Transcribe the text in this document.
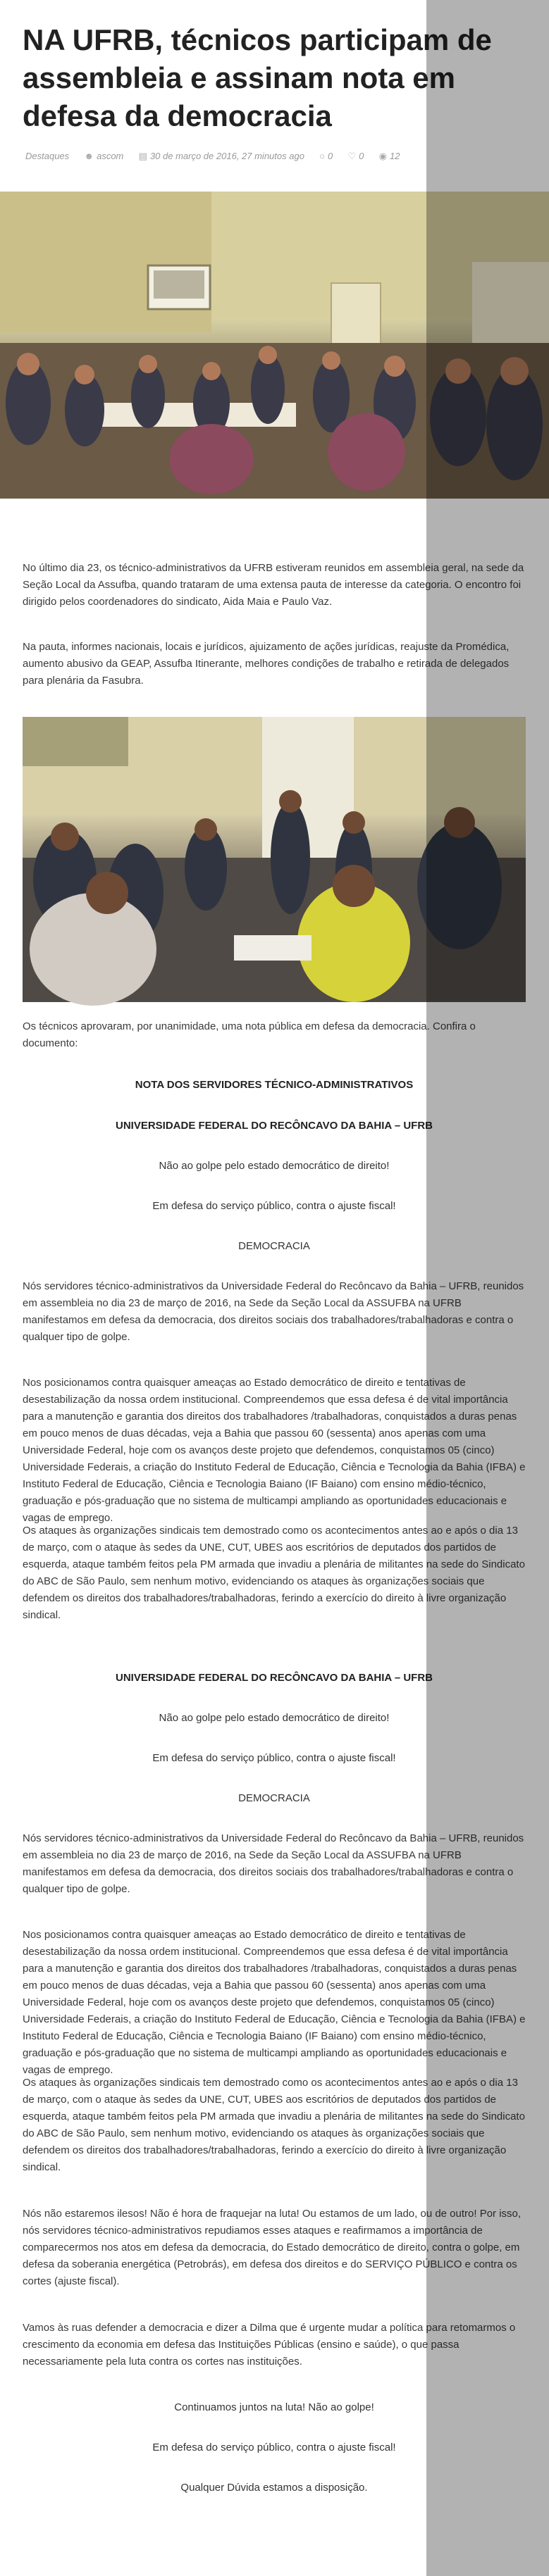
NA UFRB, técnicos participam de assembleia e assinam nota em defesa da democracia
Destaques ☻ ascom ▤ 30 de março de 2016, 27 minutos ago ○ 0 ♡ 0 ◉ 12

No último dia 23, os técnico-administrativos da UFRB estiveram reunidos em assembleia geral, na sede da Seção Local da Assufba, quando trataram de uma extensa pauta de interesse da categoria. O encontro foi dirigido pelos coordenadores do sindicato, Aida Maia e Paulo Vaz.

Na pauta, informes nacionais, locais e jurídicos, ajuizamento de ações jurídicas, reajuste da Promédica, aumento abusivo da GEAP, Assufba Itinerante, melhores condições de trabalho e retirada de delegados para plenária da Fasubra.

Os técnicos aprovaram, por unanimidade, uma nota pública em defesa da democracia. Confira o documento:

NOTA DOS SERVIDORES TÉCNICO-ADMINISTRATIVOS
UNIVERSIDADE FEDERAL DO RECÔNCAVO DA BAHIA – UFRB
Não ao golpe pelo estado democrático de direito!
Em defesa do serviço público, contra o ajuste fiscal!
DEMOCRACIA

Nós servidores técnico-administrativos da Universidade Federal do Recôncavo da Bahia – UFRB, reunidos em assembleia no dia 23 de março de 2016, na Sede da Seção Local da ASSUFBA na UFRB manifestamos em defesa da democracia, dos direitos sociais dos trabalhadores/trabalhadoras e contra o qualquer tipo de golpe.

Nos posicionamos contra quaisquer ameaças ao Estado democrático de direito e tentativas de desestabilização da nossa ordem institucional. Compreendemos que essa defesa é de vital importância para a manutenção e garantia dos direitos dos trabalhadores /trabalhadoras, conquistados a duras penas em pouco menos de duas décadas, veja a Bahia que passou 60 (sessenta) anos apenas com uma Universidade Federal, hoje com os avanços deste projeto que defendemos, conquistamos 05 (cinco) Universidade Federais, a criação do Instituto Federal de Educação, Ciência e Tecnologia da Bahia (IFBA) e Instituto Federal de Educação, Ciência e Tecnologia Baiano (IF Baiano) com ensino médio-técnico, graduação e pós-graduação que no sistema de multicampi ampliando as oportunidades educacionais e vagas de emprego.

Os ataques às organizações sindicais tem demostrado como os acontecimentos antes ao e após o dia 13 de março, com o ataque às sedes da UNE, CUT, UBES aos escritórios de deputados dos partidos de esquerda, ataque também feitos pela PM armada que invadiu a plenária de militantes na sede do Sindicato do ABC de São Paulo, sem nenhum motivo, evidenciando os ataques às organizações sociais que defendem os direitos dos trabalhadores/trabalhadoras, ferindo a exercício do direito à livre organização sindical.

UNIVERSIDADE FEDERAL DO RECÔNCAVO DA BAHIA – UFRB
Não ao golpe pelo estado democrático de direito!
Em defesa do serviço público, contra o ajuste fiscal!
DEMOCRACIA

Nós servidores técnico-administrativos da Universidade Federal do Recôncavo da Bahia – UFRB, reunidos em assembleia no dia 23 de março de 2016, na Sede da Seção Local da ASSUFBA na UFRB manifestamos em defesa da democracia, dos direitos sociais dos trabalhadores/trabalhadoras e contra o qualquer tipo de golpe.

Nos posicionamos contra quaisquer ameaças ao Estado democrático de direito e tentativas de desestabilização da nossa ordem institucional. Compreendemos que essa defesa é de vital importância para a manutenção e garantia dos direitos dos trabalhadores /trabalhadoras, conquistados a duras penas em pouco menos de duas décadas, veja a Bahia que passou 60 (sessenta) anos apenas com uma Universidade Federal, hoje com os avanços deste projeto que defendemos, conquistamos 05 (cinco) Universidade Federais, a criação do Instituto Federal de Educação, Ciência e Tecnologia da Bahia (IFBA) e Instituto Federal de Educação, Ciência e Tecnologia Baiano (IF Baiano) com ensino médio-técnico, graduação e pós-graduação que no sistema de multicampi ampliando as oportunidades educacionais e vagas de emprego.

Os ataques às organizações sindicais tem demostrado como os acontecimentos antes ao e após o dia 13 de março, com o ataque às sedes da UNE, CUT, UBES aos escritórios de deputados dos partidos de esquerda, ataque também feitos pela PM armada que invadiu a plenária de militantes na sede do Sindicato do ABC de São Paulo, sem nenhum motivo, evidenciando os ataques às organizações sociais que defendem os direitos dos trabalhadores/trabalhadoras, ferindo a exercício do direito à livre organização sindical.

Nós não estaremos ilesos! Não é hora de fraquejar na luta! Ou estamos de um lado, ou de outro! Por isso, nós servidores técnico-administrativos repudiamos esses ataques e reafirmamos a importância de comparecermos nos atos em defesa da democracia, do Estado democrático de direito, contra o golpe, em defesa da soberania energética (Petrobrás), em defesa dos direitos e do SERVIÇO PÚBLICO e contra os cortes (ajuste fiscal).

Vamos às ruas defender a democracia e dizer a Dilma que é urgente mudar a política para retomarmos o crescimento da economia em defesa das Instituições Públicas (ensino e saúde), o que passa necessariamente pela luta contra os cortes nas instituições.

Continuamos juntos na luta! Não ao golpe!
Em defesa do serviço público, contra o ajuste fiscal!
Qualquer Dúvida estamos a disposição.
